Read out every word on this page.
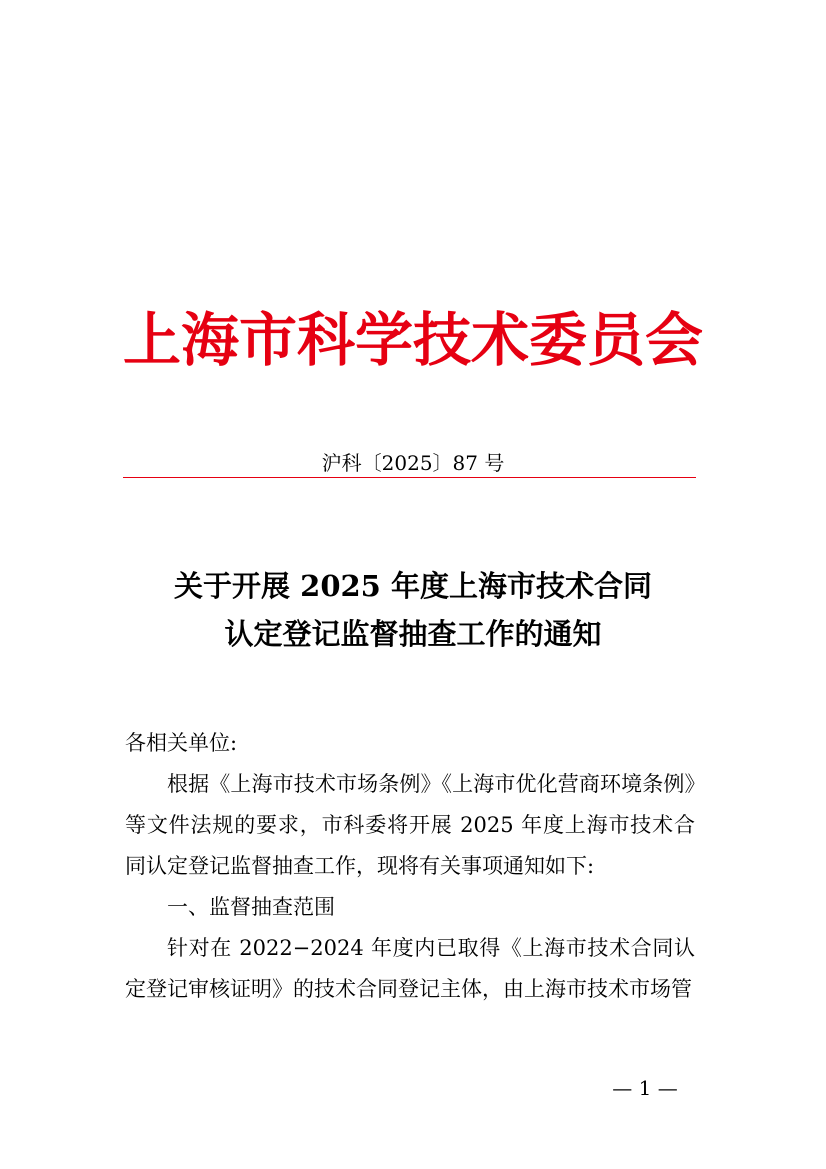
上海市科学技术委员会
沪科〔2025〕87 号
关于开展 2025 年度上海市技术合同
认定登记监督抽查工作的通知

各相关单位:

根据《上海市技术市场条例》《上海市优化营商环境条例》等文件法规的要求，市科委将开展 2025 年度上海市技术合同认定登记监督抽查工作，现将有关事项通知如下:

一、监督抽查范围

针对在 2022−2024 年度内已取得《上海市技术合同认定登记审核证明》的技术合同登记主体，由上海市技术市场管

— 1 —
